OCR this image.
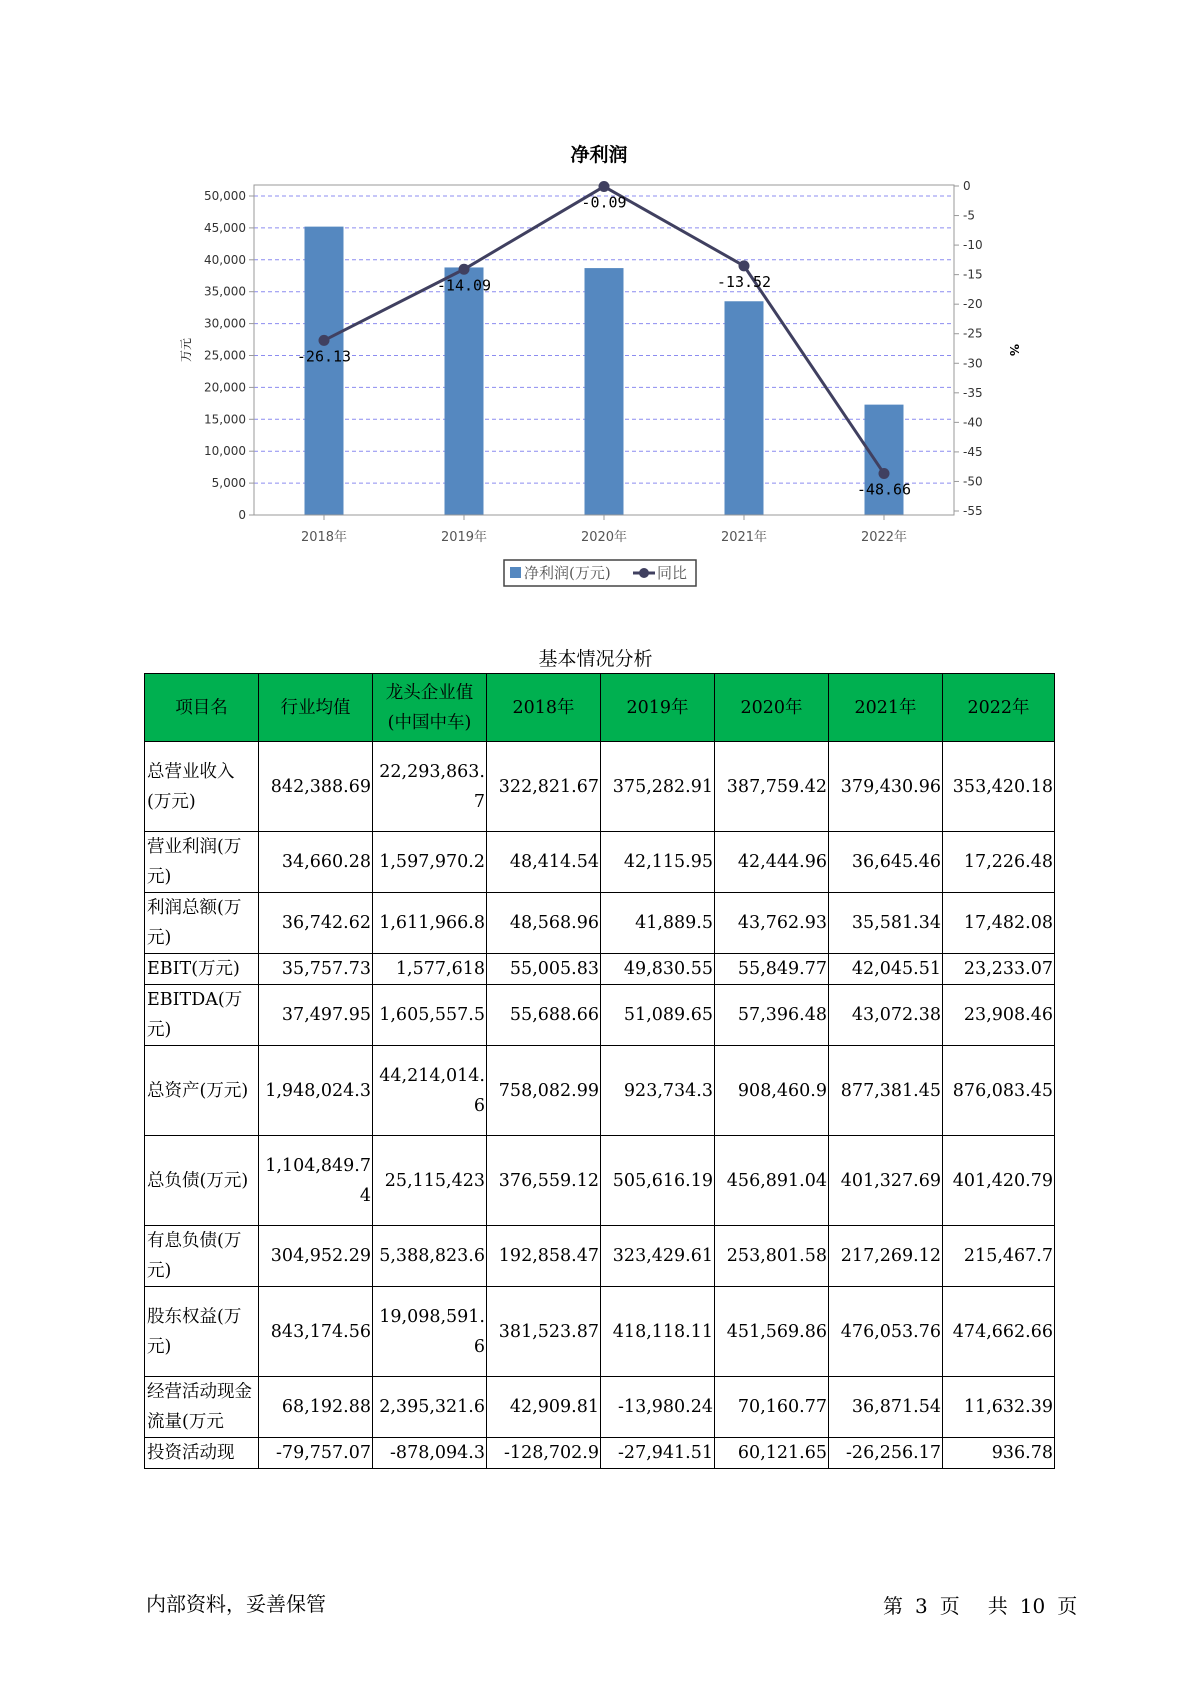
净利润
0
5,000
10,000
15,000
20,000
25,000
30,000
35,000
40,000
45,000
50,000
0
-5
-10
-15
-20
-25
-30
-35
-40
-45
-50
-55
2018年	2019年	2020年	2021年	2022年
-26.13
-14.09
-0.09
-13.52
-48.66
万元	%
净利润(万元)	同比
基本情况分析
项目名	行业均值	龙头企业值(中国中车)	2018年	2019年	2020年	2021年	2022年
总营业收入(万元)	842,388.69	22,293,863.7	322,821.67	375,282.91	387,759.42	379,430.96	353,420.18
营业利润(万元)	34,660.28	1,597,970.2	48,414.54	42,115.95	42,444.96	36,645.46	17,226.48
利润总额(万元)	36,742.62	1,611,966.8	48,568.96	41,889.5	43,762.93	35,581.34	17,482.08
EBIT(万元)	35,757.73	1,577,618	55,005.83	49,830.55	55,849.77	42,045.51	23,233.07
EBITDA(万元)	37,497.95	1,605,557.5	55,688.66	51,089.65	57,396.48	43,072.38	23,908.46
总资产(万元)	1,948,024.3	44,214,014.6	758,082.99	923,734.3	908,460.9	877,381.45	876,083.45
总负债(万元)	1,104,849.74	25,115,423	376,559.12	505,616.19	456,891.04	401,327.69	401,420.79
有息负债(万元)	304,952.29	5,388,823.6	192,858.47	323,429.61	253,801.58	217,269.12	215,467.7
股东权益(万元)	843,174.56	19,098,591.6	381,523.87	418,118.11	451,569.86	476,053.76	474,662.66
经营活动现金流量(万元	68,192.88	2,395,321.6	42,909.81	-13,980.24	70,160.77	36,871.54	11,632.39
投资活动现	-79,757.07	-878,094.3	-128,702.9	-27,941.51	60,121.65	-26,256.17	936.78
内部资料，妥善保管	第 3 页 共 10 页
